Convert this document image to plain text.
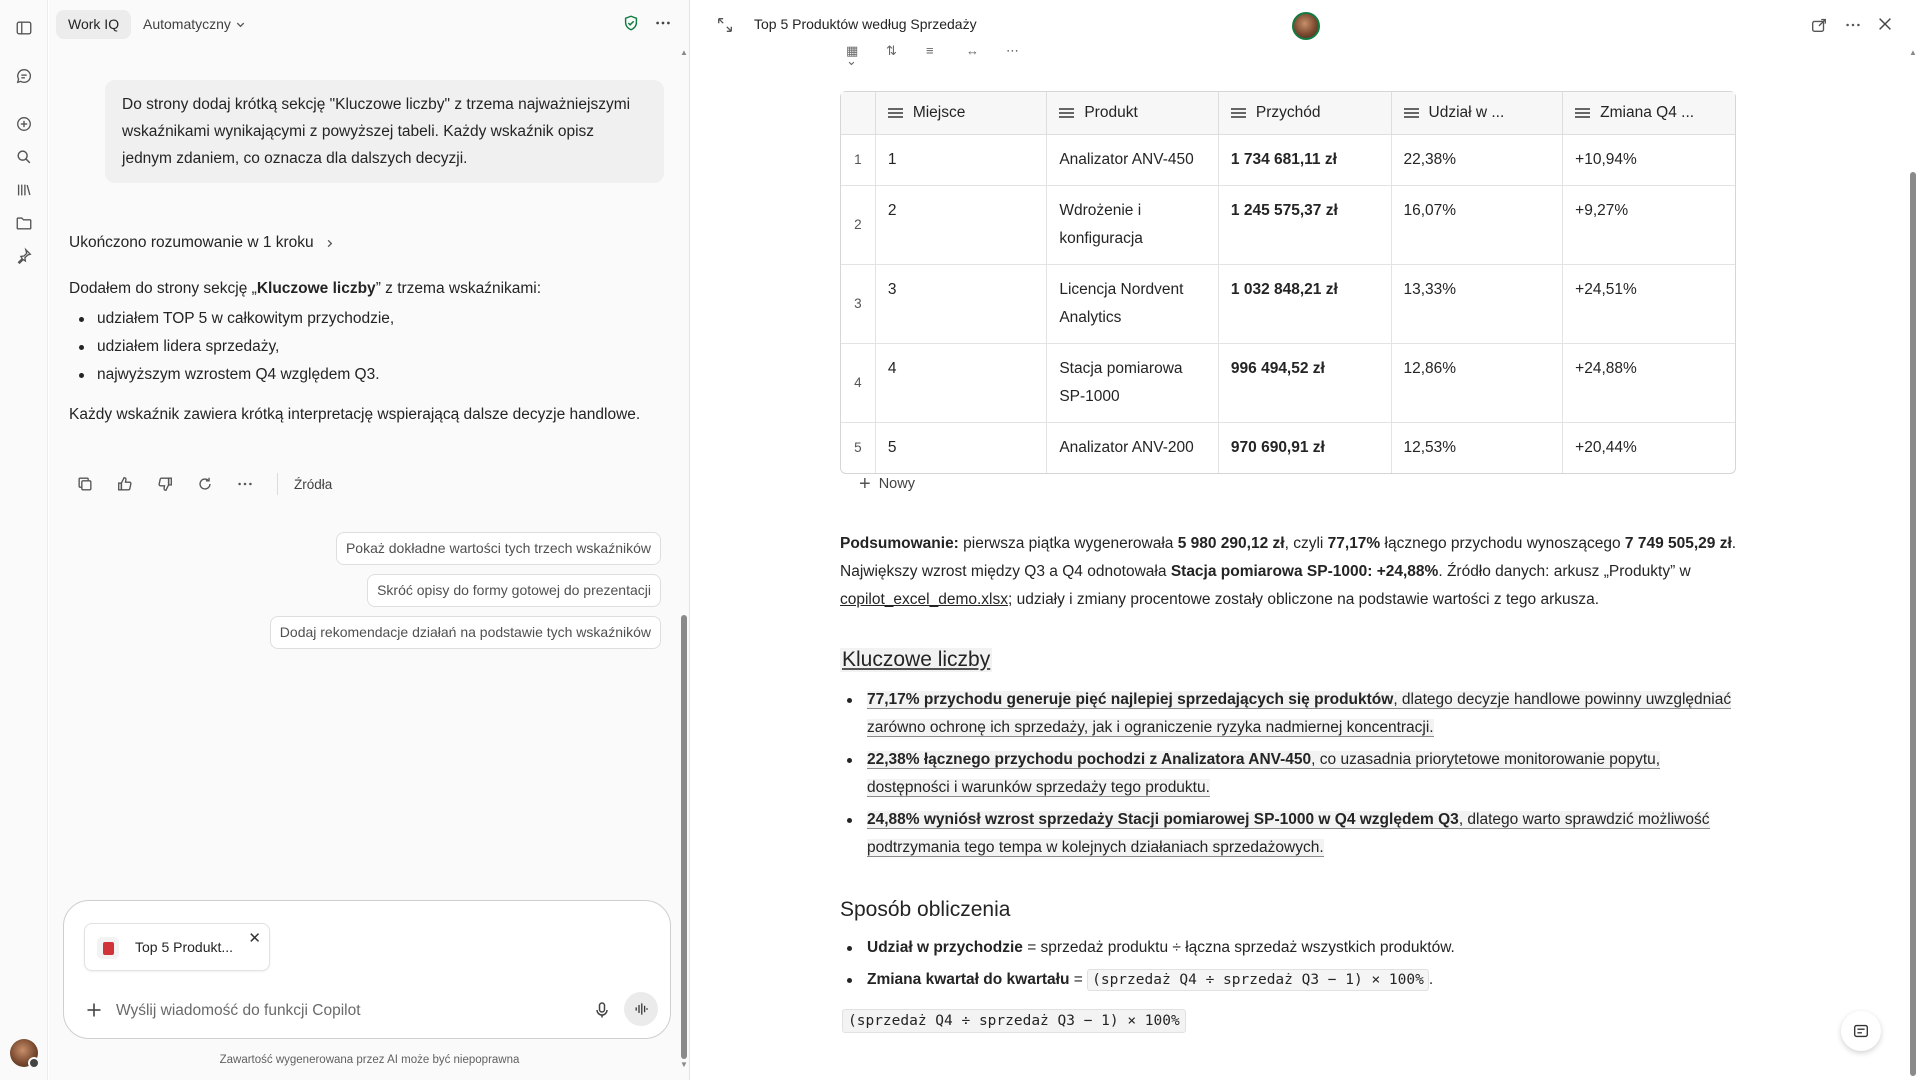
Work IQ	Automatyczny
Do strony dodaj krótką sekcję "Kluczowe liczby" z trzema najważniejszymi wskaźnikami wynikającymi z powyższej tabeli. Każdy wskaźnik opisz jednym zdaniem, co oznacza dla dalszych decyzji.
Ukończono rozumowanie w 1 kroku

Dodałem do strony sekcję „Kluczowe liczby” z trzema wskaźnikami:

udziałem TOP 5 w całkowitym przychodzie,
udziałem lidera sprzedaży,
najwyższym wzrostem Q4 względem Q3.

Każdy wskaźnik zawiera krótką interpretację wspierającą dalsze decyzje handlowe.

Źródła
Pokaż dokładne wartości tych trzech wskaźników
Skróć opisy do formy gotowej do prezentacji
Dodaj rekomendacje działań na podstawie tych wskaźników
Top 5 Produkt... ✕
Wyślij wiadomość do funkcji Copilot
Zawartość wygenerowana przez AI może być niepoprawna
▲
▼
Top 5 Produktów według Sprzedaży
▦ ⌄
⇅	≡	↔	⋯
	Miejsce	Produkt	Przychód	Udział w ...	Zmiana Q4 ...
1	1	Analizator ANV-450	1 734 681,11 zł	22,38%	+10,94%
2	2	Wdrożenie i konfiguracja	1 245 575,37 zł	16,07%	+9,27%
3	3	Licencja Nordvent Analytics	1 032 848,21 zł	13,33%	+24,51%
4	4	Stacja pomiarowa SP-1000	996 494,52 zł	12,86%	+24,88%
5	5	Analizator ANV-200	970 690,91 zł	12,53%	+20,44%
+ Nowy

Podsumowanie: pierwsza piątka wygenerowała 5 980 290,12 zł, czyli 77,17% łącznego przychodu wynoszącego 7 749 505,29 zł. Największy wzrost między Q3 a Q4 odnotowała Stacja pomiarowa SP-1000: +24,88%. Źródło danych: arkusz „Produkty” w copilot_excel_demo.xlsx; udziały i zmiany procentowe zostały obliczone na podstawie wartości z tego arkusza.

Kluczowe liczby
77,17% przychodu generuje pięć najlepiej sprzedających się produktów, dlatego decyzje handlowe powinny uwzględniać zarówno ochronę ich sprzedaży, jak i ograniczenie ryzyka nadmiernej koncentracji.
22,38% łącznego przychodu pochodzi z Analizatora ANV-450, co uzasadnia priorytetowe monitorowanie popytu, dostępności i warunków sprzedaży tego produktu.
24,88% wyniósł wzrost sprzedaży Stacji pomiarowej SP-1000 w Q4 względem Q3, dlatego warto sprawdzić możliwość podtrzymania tego tempa w kolejnych działaniach sprzedażowych.
Sposób obliczenia
Udział w przychodzie = sprzedaż produktu ÷ łączna sprzedaż wszystkich produktów.
Zmiana kwartał do kwartału = (sprzedaż Q4 ÷ sprzedaż Q3 − 1) × 100% .
(sprzedaż Q4 ÷ sprzedaż Q3 − 1) × 100%
▲
